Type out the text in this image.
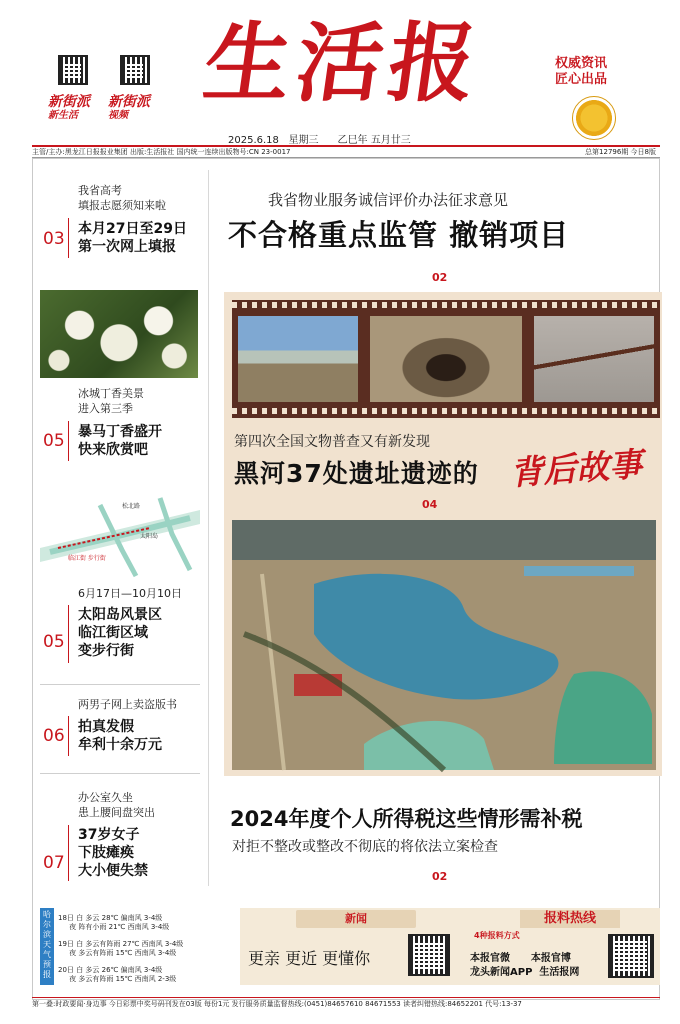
新街派
新生活
新街派
视频
生活报	权威资讯
匠心出品
2025.6.18 星期三 乙巳年 五月廿三
主管/主办:黑龙江日报报业集团 出版:生活报社 国内统一连续出版物号:CN 23-0017	总第12796期 今日8版
我省高考
填报志愿须知来啦
03 本月27日至29日
第一次网上填报
冰城丁香美景
进入第三季
05 暴马丁香盛开
快来欣赏吧
松北路
临江街 步行街
太阳岛
6月17日—10月10日
05
太阳岛风景区
临江街区域
变步行街
两男子网上卖盗版书
06 拍真发假
牟利十余万元
办公室久坐
患上腰间盘突出
07
37岁女子
下肢瘫痪
大小便失禁
我省物业服务诚信评价办法征求意见
不合格重点监管 撤销项目
02
第四次全国文物普查又有新发现
黑河37处遗址遗迹的 背后故事
04
2024年度个人所得税这些情形需补税
对拒不整改或整改不彻底的将依法立案检查
02
哈尔滨天气预报
18日 白 多云 28℃ 偏南风 3-4级
夜 阵有小雨 21℃ 西南风 3-4级
19日 白 多云有阵雨 27℃ 西南风 3-4级
夜 多云有阵雨 15℃ 西南风 3-4级
20日 白 多云 26℃ 偏南风 3-4级
夜 多云有阵雨 15℃ 西南风 2-3级
新闻
更亲 更近 更懂你
报料热线
4种报料方式
本报官微 本报官博
龙头新闻APP 生活报网
第一叠:时政要闻·身边事 今日彩票中奖号码刊发在03版 每份1元 发行服务质量监督热线:(0451)84657610 84671553 读者纠错热线:84652201 代号:13-37
